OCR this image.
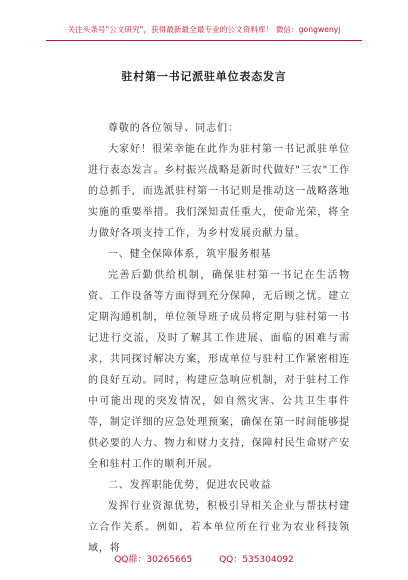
关注头条号"公文研究"，获得最新最全最专业的公文资料库！ 微信：gongwenyj
驻村第一书记派驻单位表态发言

尊敬的各位领导、同志们：

大家好！很荣幸能在此作为驻村第一书记派驻单位进行表态发言。乡村振兴战略是新时代做好"三农"工作的总抓手，而选派驻村第一书记则是推动这一战略落地实施的重要举措。我们深知责任重大，使命光荣，将全力做好各项支持工作，为乡村发展贡献力量。

一、健全保障体系，筑牢服务根基

完善后勤供给机制，确保驻村第一书记在生活物资、工作设备等方面得到充分保障，无后顾之忧。建立定期沟通机制，单位领导班子成员将定期与驻村第一书记进行交流，及时了解其工作进展、面临的困难与需求，共同探讨解决方案，形成单位与驻村工作紧密相连的良好互动。同时，构建应急响应机制，对于驻村工作中可能出现的突发情况，如自然灾害、公共卫生事件等，制定详细的应急处理预案，确保在第一时间能够提供必要的人力、物力和财力支持，保障村民生命财产安全和驻村工作的顺利开展。

二、发挥职能优势，促进农民收益

发挥行业资源优势，积极引导相关企业与帮扶村建立合作关系。例如，若本单位所在行业为农业科技领域，将

QQ群：30265665	QQ：535304092
